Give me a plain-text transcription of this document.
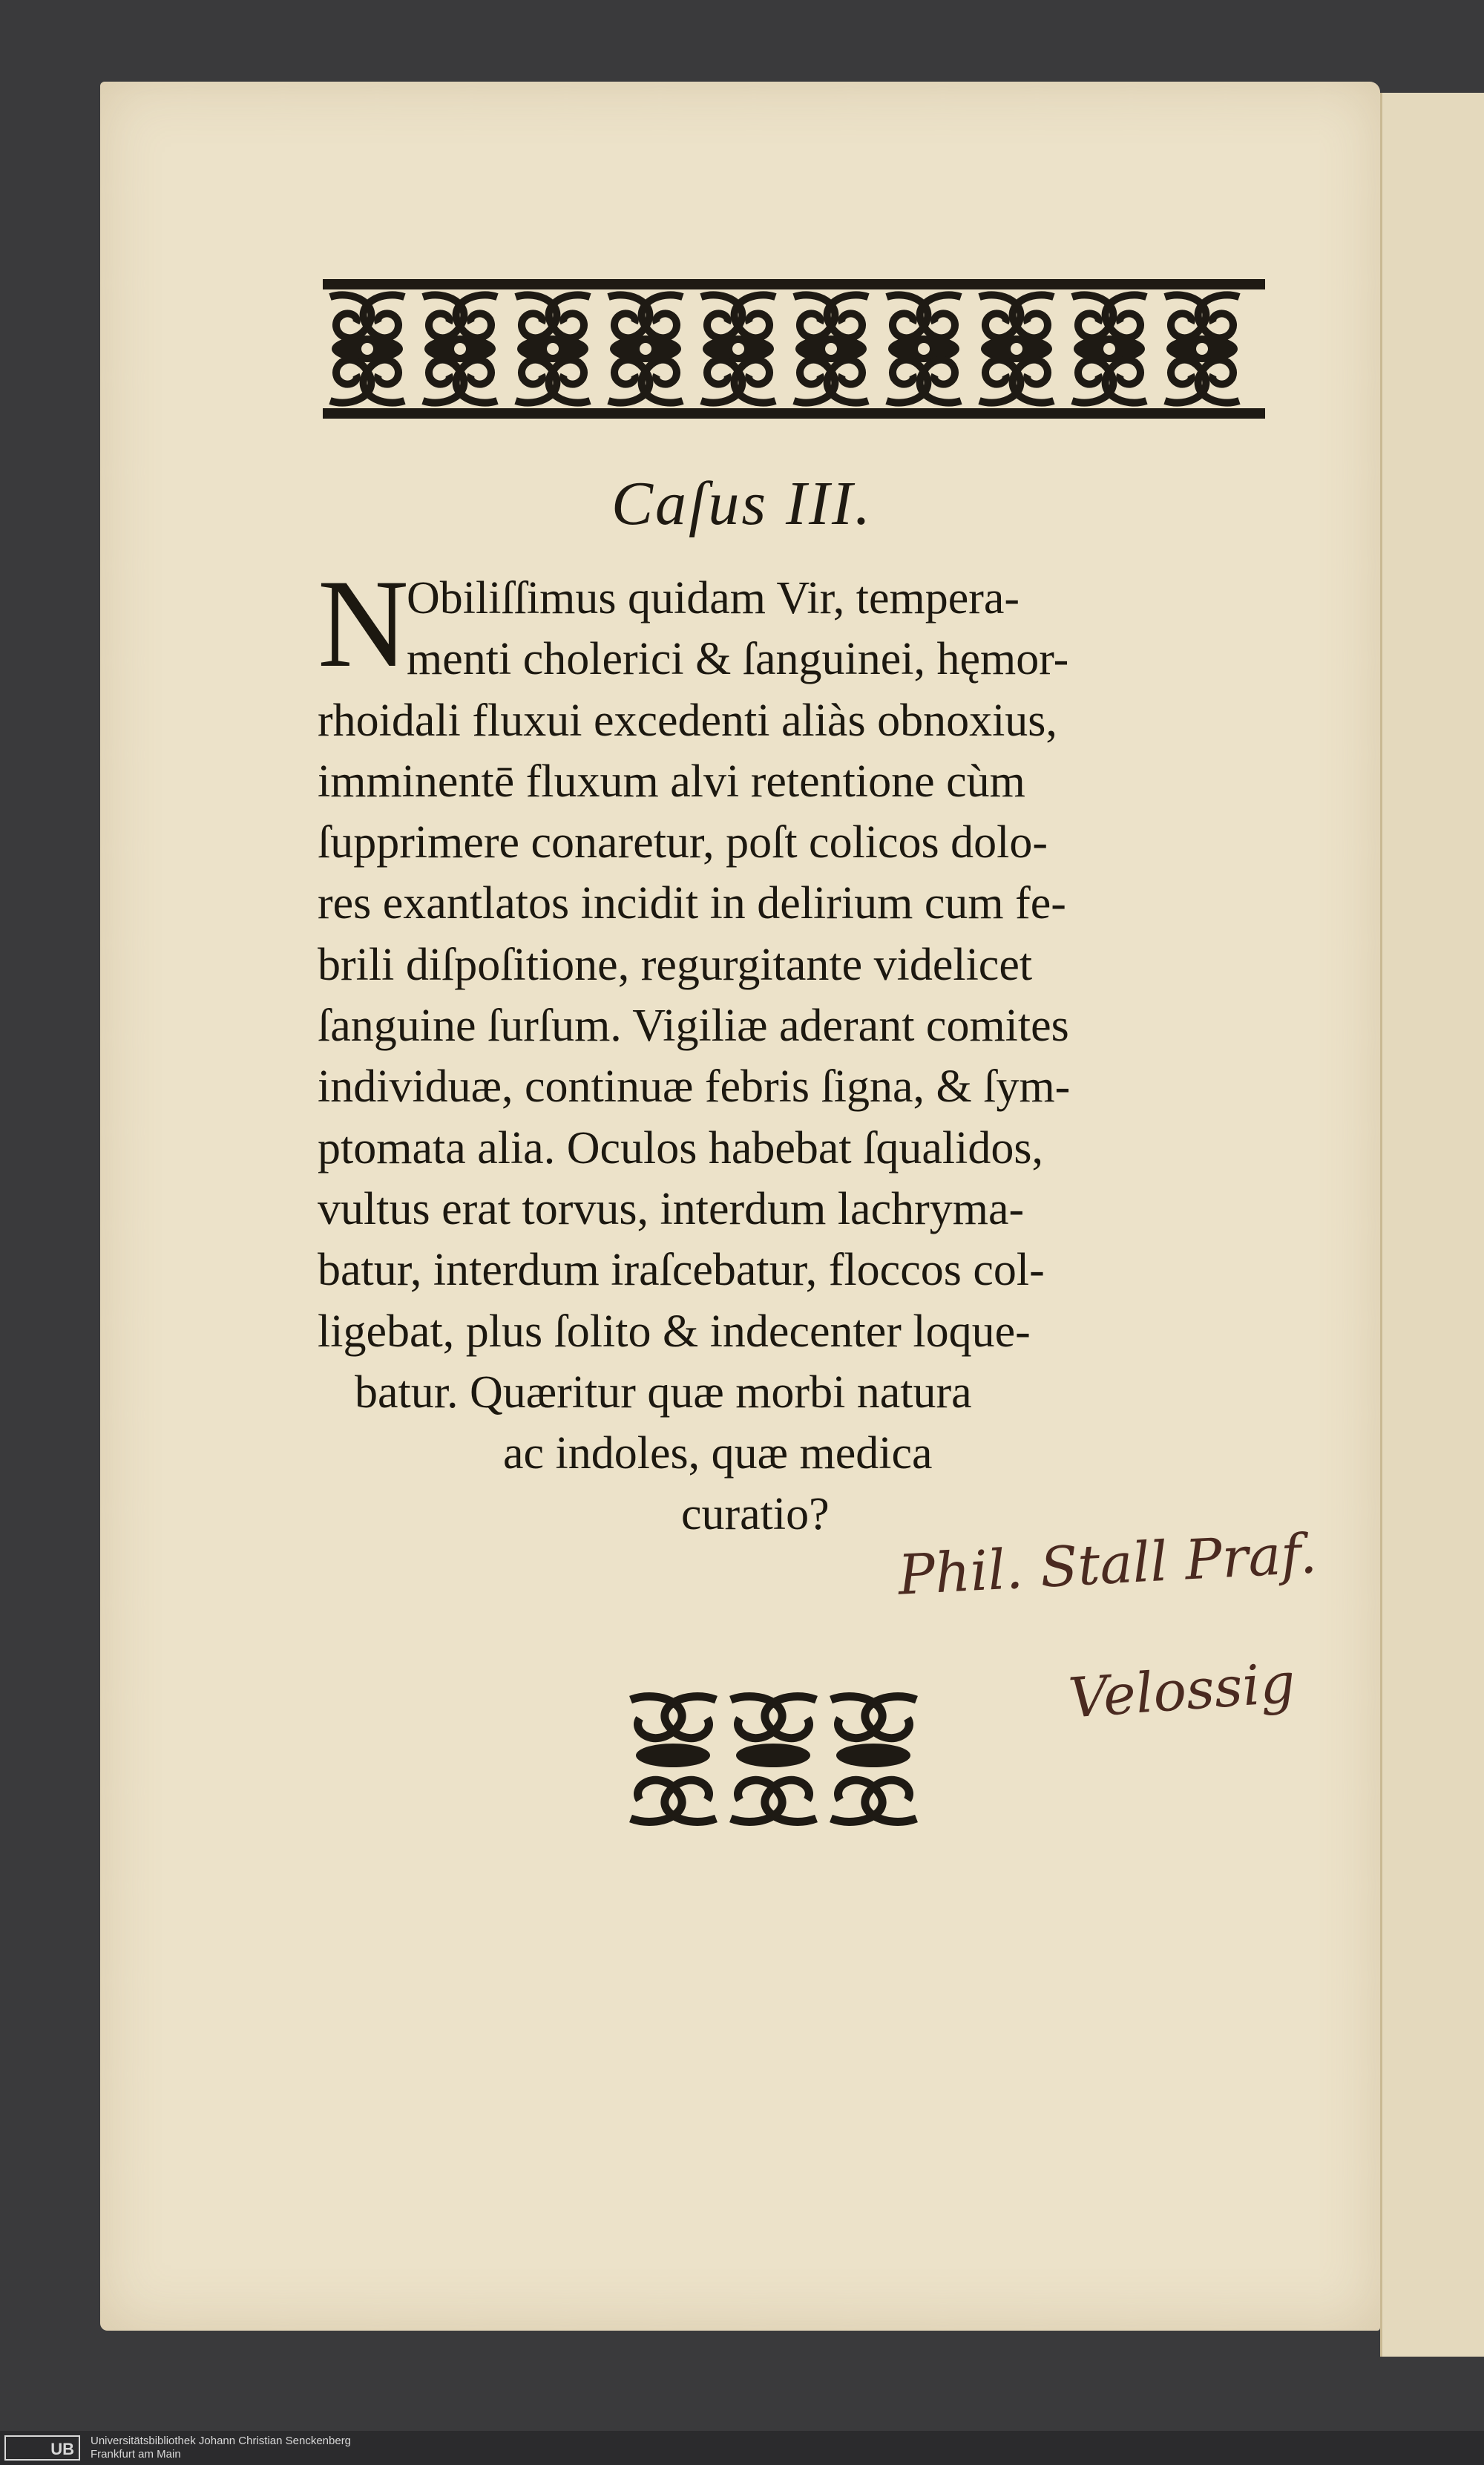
Caſus III.
N
Obiliſſimus quidam Vir, tempera-
menti cholerici & ſanguinei, hęmor-
rhoidali fluxui excedenti aliàs obnoxius,
imminentē fluxum alvi retentione cùm
ſupprimere conaretur, poſt colicos dolo-
res exantlatos incidit in delirium cum fe-
brili diſpoſitione, regurgitante videlicet
ſanguine ſurſum. Vigiliæ aderant comites
individuæ, continuæ febris ſigna, & ſym-
ptomata alia. Oculos habebat ſqualidos,
vultus erat torvus, interdum lachryma-
batur, interdum iraſcebatur, floccos col-
ligebat, plus ſolito & indecenter loque-
batur. Quæritur quæ morbi natura
ac indoles, quæ medica
curatio?
Phil. Stall Praf.
Velossig
UB	Universitätsbibliothek Johann Christian Senckenberg
Frankfurt am Main
